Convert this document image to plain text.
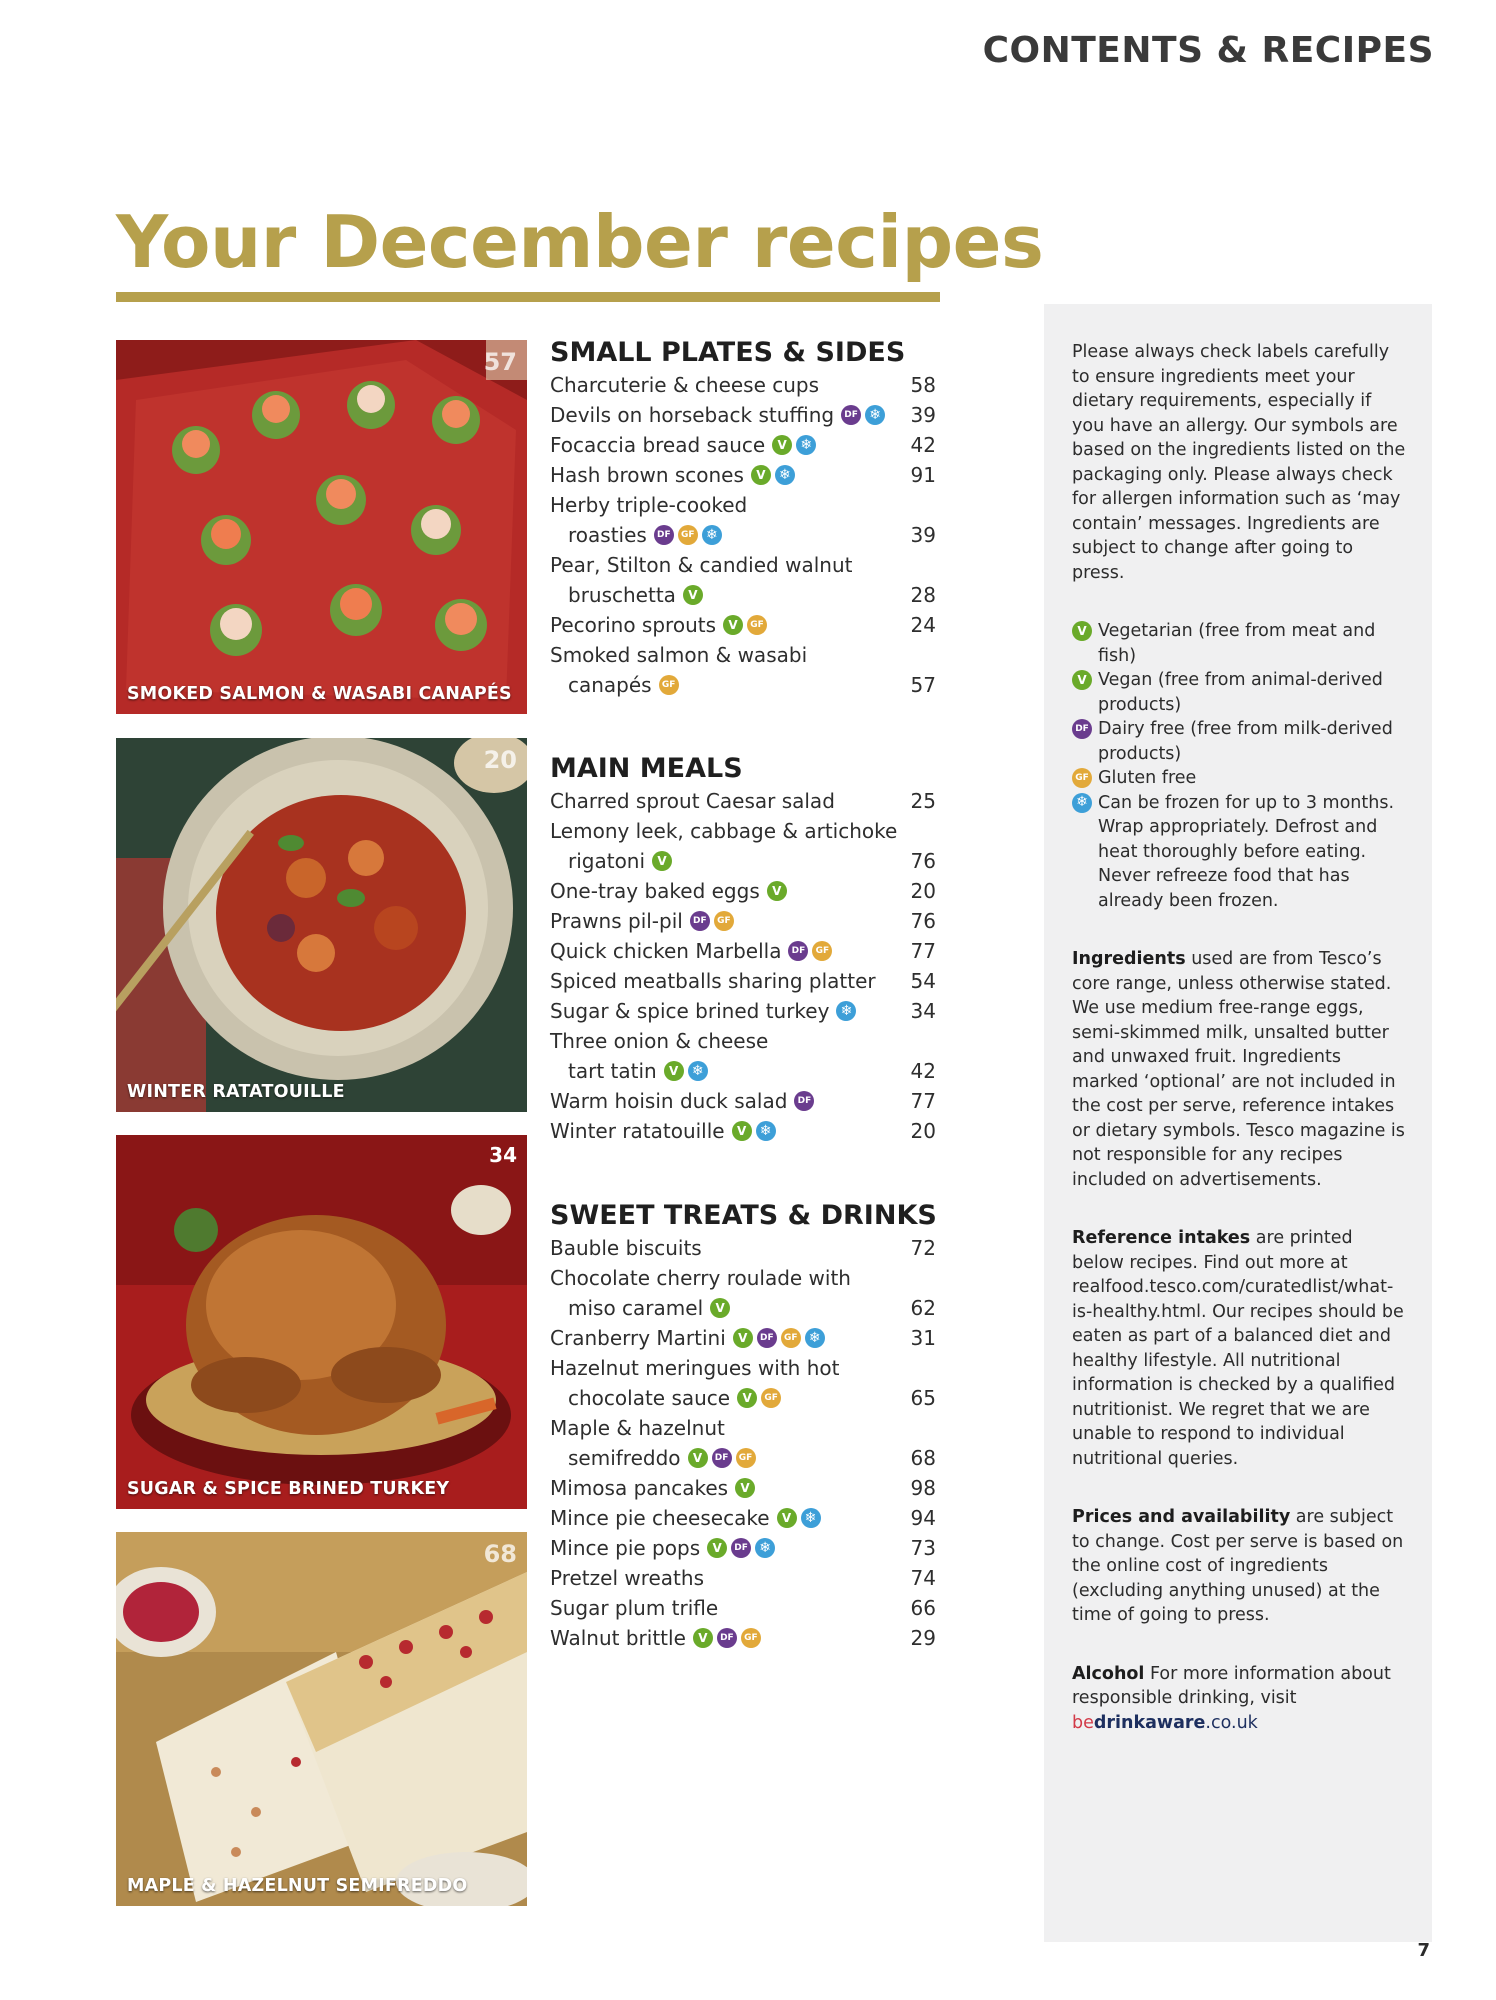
CONTENTS & RECIPES
Your December recipes
57
SMOKED SALMON & WASABI CANAPÉS
20
WINTER RATATOUILLE
34
SUGAR & SPICE BRINED TURKEY
68
MAPLE & HAZELNUT SEMIFREDDO
SMALL PLATES & SIDES
Charcuterie & cheese cups	58
Devils on horseback stuffing	DF ❄	39
Focaccia bread sauce	V ❄	42
Hash brown scones	V ❄	91
Herby triple-cooked
roasties	DF	GF ❄	39
Pear, Stilton & candied walnut
bruschetta	V	28
Pecorino sprouts	V	GF	24
Smoked salmon & wasabi
canapés	GF	57
MAIN MEALS
Charred sprout Caesar salad	25
Lemony leek, cabbage & artichoke
rigatoni	V	76
One-tray baked eggs	V	20
Prawns pil-pil	DF	GF	76
Quick chicken Marbella	DF	GF	77
Spiced meatballs sharing platter	54
Sugar & spice brined turkey ❄	34
Three onion & cheese
tart tatin	V ❄	42
Warm hoisin duck salad	DF	77
Winter ratatouille	V ❄	20
SWEET TREATS & DRINKS
Bauble biscuits	72
Chocolate cherry roulade with
miso caramel	V	62
Cranberry Martini	V	DF	GF ❄	31
Hazelnut meringues with hot
chocolate sauce	V	GF	65
Maple & hazelnut
semifreddo	V	DF	GF	68
Mimosa pancakes	V	98
Mince pie cheesecake	V ❄	94
Mince pie pops	V	DF ❄	73
Pretzel wreaths	74
Sugar plum trifle	66
Walnut brittle	V	DF	GF	29

Please always check labels carefully to ensure ingredients meet your dietary requirements, especially if you have an allergy. Our symbols are based on the ingredients listed on the packaging only. Please always check for allergen information such as ‘may contain’ messages. Ingredients are subject to change after going to press.

V Vegetarian (free from meat and fish)
V Vegan (free from animal-derived products)
DF Dairy free (free from milk-derived products)
GF Gluten free
❄ Can be frozen for up to 3 months. Wrap appropriately. Defrost and heat thoroughly before eating. Never refreeze food that has already been frozen.

Ingredients used are from Tesco’s core range, unless otherwise stated. We use medium free-range eggs, semi-skimmed milk, unsalted butter and unwaxed fruit. Ingredients marked ‘optional’ are not included in the cost per serve, reference intakes or dietary symbols. Tesco magazine is not responsible for any recipes included on advertisements.

Reference intakes are printed below recipes. Find out more at realfood.tesco.com/curatedlist/what-is-healthy.html. Our recipes should be eaten as part of a balanced diet and healthy lifestyle. All nutritional information is checked by a qualified nutritionist. We regret that we are unable to respond to individual nutritional queries.

Prices and availability are subject to change. Cost per serve is based on the online cost of ingredients (excluding anything unused) at the time of going to press.

Alcohol For more information about responsible drinking, visit

bedrinkaware.co.uk

7
